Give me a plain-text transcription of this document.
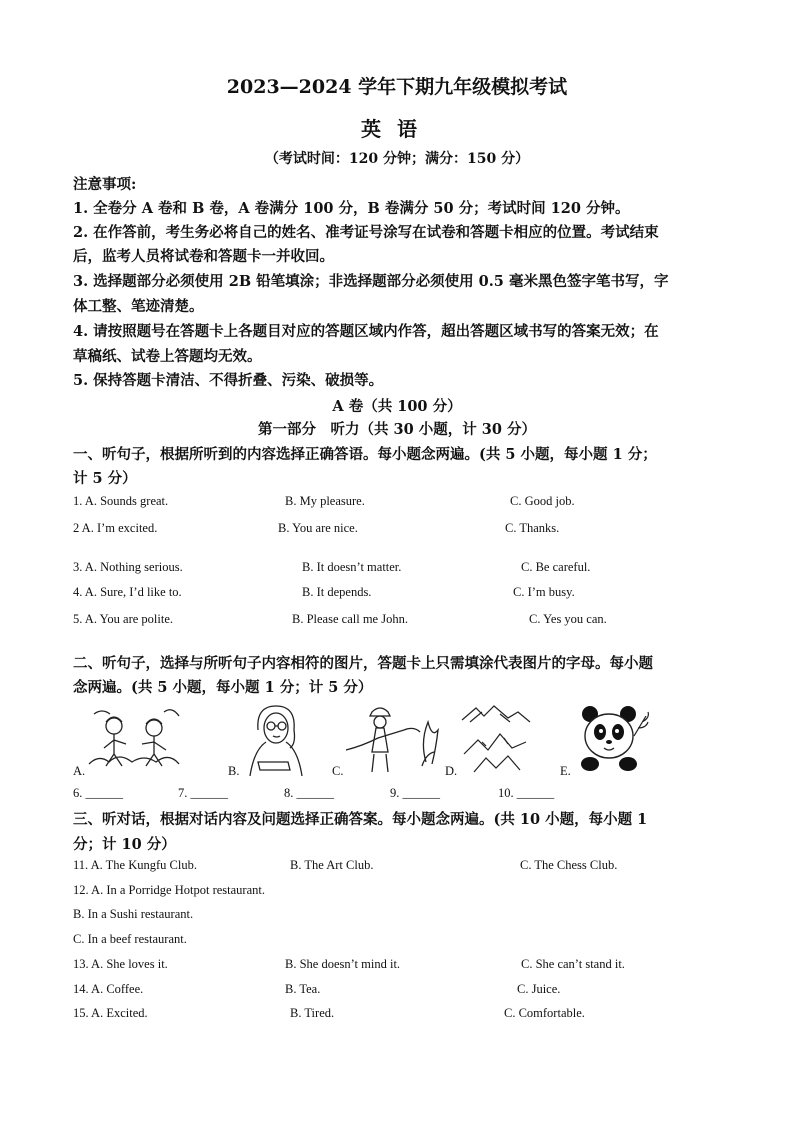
2023—2024 学年下期九年级模拟考试
英语
（考试时间：120 分钟；满分：150 分）
注意事项:
1. 全卷分 A 卷和 B 卷，A 卷满分 100 分，B 卷满分 50 分；考试时间 120 分钟。
2. 在作答前，考生务必将自己的姓名、准考证号涂写在试卷和答题卡相应的位置。考试结束
后，监考人员将试卷和答题卡一并收回。
3. 选择题部分必须使用 2B 铅笔填涂；非选择题部分必须使用 0.5 毫米黑色签字笔书写，字
体工整、笔迹清楚。
4. 请按照题号在答题卡上各题目对应的答题区域内作答，超出答题区域书写的答案无效；在
草稿纸、试卷上答题均无效。
5. 保持答题卡清洁、不得折叠、污染、破损等。
A 卷（共 100 分）
第一部分　听力（共 30 小题，计 30 分）
一、听句子，根据所听到的内容选择正确答语。每小题念两遍。(共 5 小题，每小题 1 分；
计 5 分）
1. A. Sounds great.	B. My pleasure.	C. Good job.
2 A. I’m excited.	B. You are nice.	C. Thanks.
3. A. Nothing serious.	B. It doesn’t matter.	C. Be careful.
4. A. Sure, I’d like to.	B. It depends.	C. I’m busy.
5. A. You are polite.	B. Please call me John.	C. Yes you can.
二、听句子，选择与所听句子内容相符的图片，答题卡上只需填涂代表图片的字母。每小题
念两遍。(共 5 小题，每小题 1 分；计 5 分）
A.	B.	C.	D.	E.
6. ______	7. ______	8. ______	9. ______	10. ______
三、听对话，根据对话内容及问题选择正确答案。每小题念两遍。(共 10 小题，每小题 1
分；计 10 分）
11. A. The Kungfu Club.	B. The Art Club.	C. The Chess Club.
12. A. In a Porridge Hotpot restaurant.
B. In a Sushi restaurant.
C. In a beef restaurant.
13. A. She loves it.	B. She doesn’t mind it.	C. She can’t stand it.
14. A. Coffee.	B. Tea.	C. Juice.
15. A. Excited.	B. Tired.	C. Comfortable.
